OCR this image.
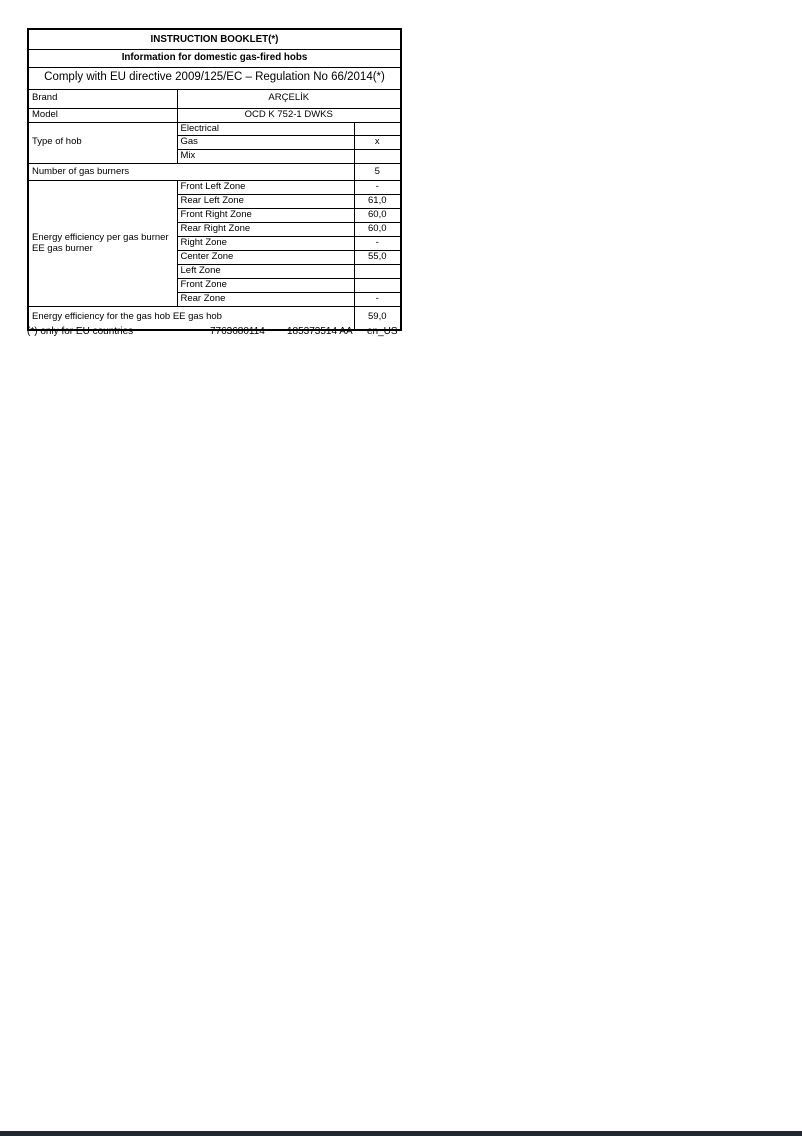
INSTRUCTION BOOKLET(*)		
Information for domestic gas-fired hobs		
Comply with EU directive 2009/125/EC – Regulation No 66/2014(*)		
Brand	ARÇELİK	
Model	OCD K 752-1 DWKS	
Type of hob	Electrical	
	Gas	x
	Mix	
Number of gas burners		5

Energy efficiency per gas burner
EE gas burner	Front Left Zone	-
	Rear Left Zone	61,0
	Front Right Zone	60,0
	Rear Right Zone	60,0
	Right Zone	-
	Center Zone	55,0
	Left Zone	
	Front Zone	
	Rear Zone	-
Energy efficiency for the gas hob EE gas hob		59,0
(*) only for EU countries	7763680114 185373514 AA en_US
